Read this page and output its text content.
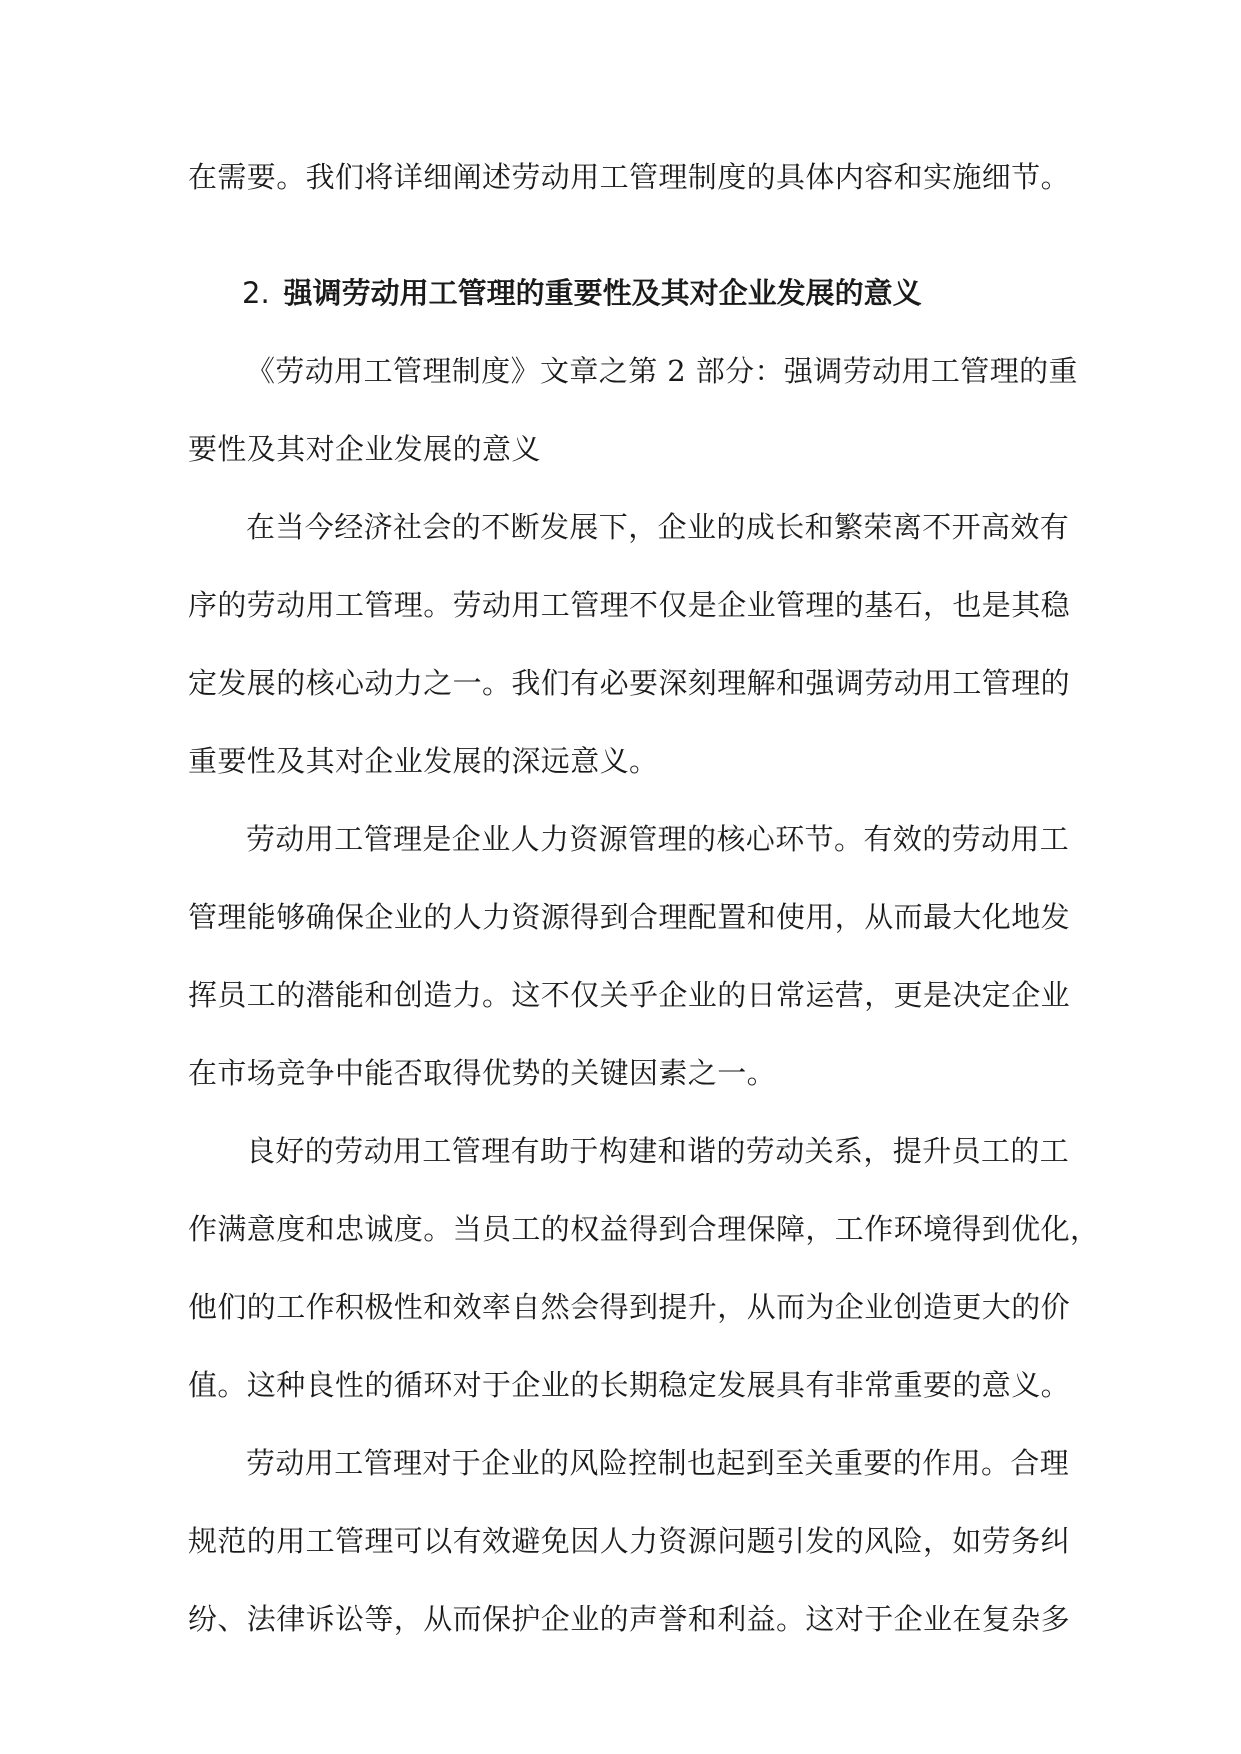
在需要。我们将详细阐述劳动用工管理制度的具体内容和实施细节。

2. 强调劳动用工管理的重要性及其对企业发展的意义
《劳动用工管理制度》文章之第 2 部分：强调劳动用工管理的重
要性及其对企业发展的意义
在当今经济社会的不断发展下，企业的成长和繁荣离不开高效有
序的劳动用工管理。劳动用工管理不仅是企业管理的基石，也是其稳
定发展的核心动力之一。我们有必要深刻理解和强调劳动用工管理的
重要性及其对企业发展的深远意义。
劳动用工管理是企业人力资源管理的核心环节。有效的劳动用工
管理能够确保企业的人力资源得到合理配置和使用，从而最大化地发
挥员工的潜能和创造力。这不仅关乎企业的日常运营，更是决定企业
在市场竞争中能否取得优势的关键因素之一。
良好的劳动用工管理有助于构建和谐的劳动关系，提升员工的工
作满意度和忠诚度。当员工的权益得到合理保障，工作环境得到优化，
他们的工作积极性和效率自然会得到提升，从而为企业创造更大的价
值。这种良性的循环对于企业的长期稳定发展具有非常重要的意义。
劳动用工管理对于企业的风险控制也起到至关重要的作用。合理
规范的用工管理可以有效避免因人力资源问题引发的风险，如劳务纠
纷、法律诉讼等，从而保护企业的声誉和利益。这对于企业在复杂多
